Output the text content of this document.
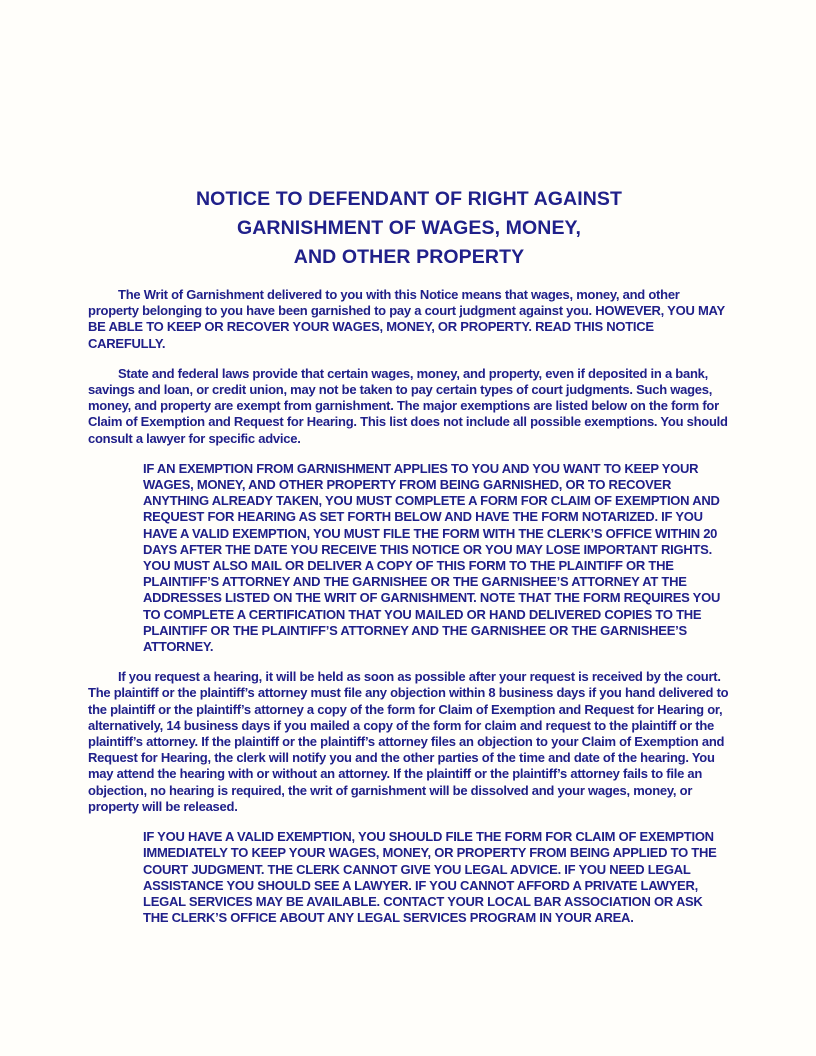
NOTICE TO DEFENDANT OF RIGHT AGAINST
GARNISHMENT OF WAGES, MONEY,
AND OTHER PROPERTY

The Writ of Garnishment delivered to you with this Notice means that wages, money, and other property belonging to you have been garnished to pay a court judgment against you. HOWEVER, YOU MAY BE ABLE TO KEEP OR RECOVER YOUR WAGES, MONEY, OR PROPERTY. READ THIS NOTICE CAREFULLY.

State and federal laws provide that certain wages, money, and property, even if deposited in a bank, savings and loan, or credit union, may not be taken to pay certain types of court judgments. Such wages, money, and property are exempt from garnishment. The major exemptions are listed below on the form for Claim of Exemption and Request for Hearing. This list does not include all possible exemptions. You should consult a lawyer for specific advice.

IF AN EXEMPTION FROM GARNISHMENT APPLIES TO YOU AND YOU WANT TO KEEP YOUR WAGES, MONEY, AND OTHER PROPERTY FROM BEING GARNISHED, OR TO RECOVER ANYTHING ALREADY TAKEN, YOU MUST COMPLETE A FORM FOR CLAIM OF EXEMPTION AND REQUEST FOR HEARING AS SET FORTH BELOW AND HAVE THE FORM NOTARIZED. IF YOU HAVE A VALID EXEMPTION, YOU MUST FILE THE FORM WITH THE CLERK’S OFFICE WITHIN 20 DAYS AFTER THE DATE YOU RECEIVE THIS NOTICE OR YOU MAY LOSE IMPORTANT RIGHTS. YOU MUST ALSO MAIL OR DELIVER A COPY OF THIS FORM TO THE PLAINTIFF OR THE PLAINTIFF’S ATTORNEY AND THE GARNISHEE OR THE GARNISHEE’S ATTORNEY AT THE ADDRESSES LISTED ON THE WRIT OF GARNISHMENT. NOTE THAT THE FORM REQUIRES YOU TO COMPLETE A CERTIFICATION THAT YOU MAILED OR HAND DELIVERED COPIES TO THE PLAINTIFF OR THE PLAINTIFF’S ATTORNEY AND THE GARNISHEE OR THE GARNISHEE’S ATTORNEY.

If you request a hearing, it will be held as soon as possible after your request is received by the court. The plaintiff or the plaintiff’s attorney must file any objection within 8 business days if you hand delivered to the plaintiff or the plaintiff’s attorney a copy of the form for Claim of Exemption and Request for Hearing or, alternatively, 14 business days if you mailed a copy of the form for claim and request to the plaintiff or the plaintiff’s attorney. If the plaintiff or the plaintiff’s attorney files an objection to your Claim of Exemption and Request for Hearing, the clerk will notify you and the other parties of the time and date of the hearing. You may attend the hearing with or without an attorney. If the plaintiff or the plaintiff’s attorney fails to file an objection, no hearing is required, the writ of garnishment will be dissolved and your wages, money, or property will be released.

IF YOU HAVE A VALID EXEMPTION, YOU SHOULD FILE THE FORM FOR CLAIM OF EXEMPTION IMMEDIATELY TO KEEP YOUR WAGES, MONEY, OR PROPERTY FROM BEING APPLIED TO THE COURT JUDGMENT. THE CLERK CANNOT GIVE YOU LEGAL ADVICE. IF YOU NEED LEGAL ASSISTANCE YOU SHOULD SEE A LAWYER. IF YOU CANNOT AFFORD A PRIVATE LAWYER, LEGAL SERVICES MAY BE AVAILABLE. CONTACT YOUR LOCAL BAR ASSOCIATION OR ASK THE CLERK’S OFFICE ABOUT ANY LEGAL SERVICES PROGRAM IN YOUR AREA.
